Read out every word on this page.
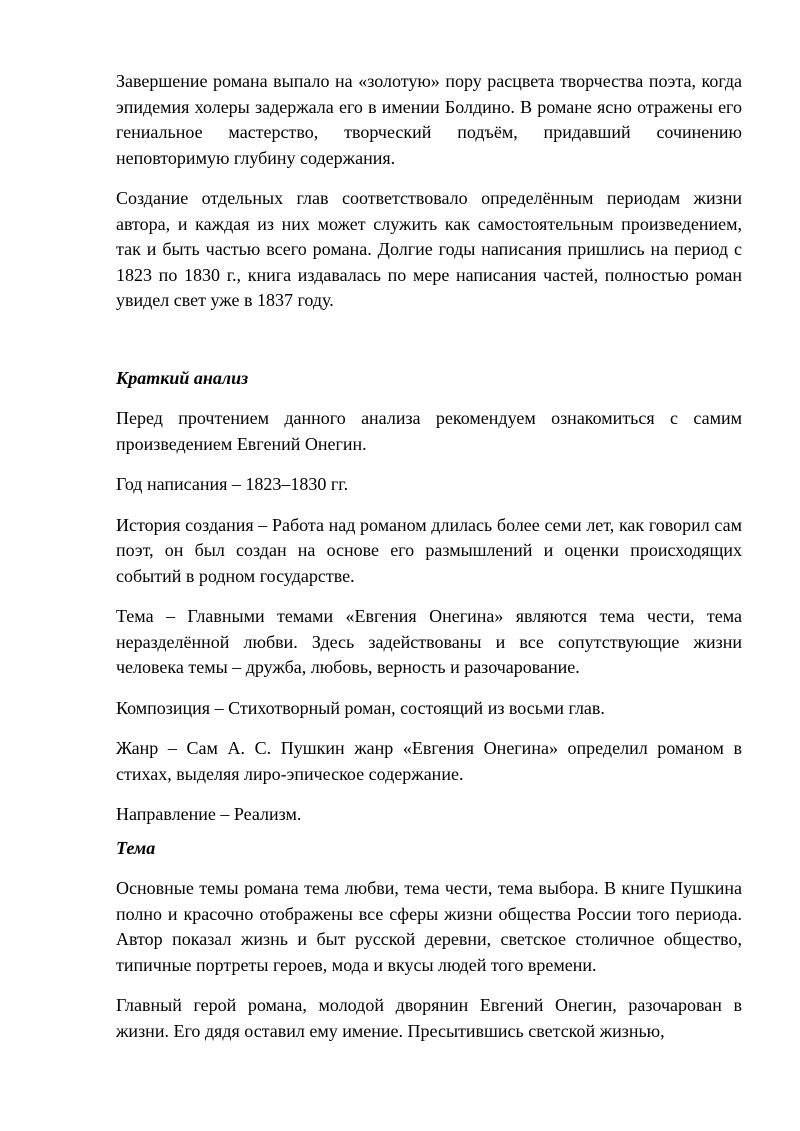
Завершение романа выпало на «золотую» пору расцвета творчества поэта, когда эпидемия холеры задержала его в имении Болдино. В романе ясно отражены его гениальное мастерство, творческий подъём, придавший сочинению неповторимую глубину содержания.

Создание отдельных глав соответствовало определённым периодам жизни автора, и каждая из них может служить как самостоятельным произведением, так и быть частью всего романа. Долгие годы написания пришлись на период с 1823 по 1830 г., книга издавалась по мере написания частей, полностью роман увидел свет уже в 1837 году.

Краткий анализ

Перед прочтением данного анализа рекомендуем ознакомиться с самим произведением Евгений Онегин.

Год написания – 1823–1830 гг.

История создания – Работа над романом длилась более семи лет, как говорил сам поэт, он был создан на основе его размышлений и оценки происходящих событий в родном государстве.

Тема – Главными темами «Евгения Онегина» являются тема чести, тема неразделённой любви. Здесь задействованы и все сопутствующие жизни человека темы – дружба, любовь, верность и разочарование.

Композиция – Стихотворный роман, состоящий из восьми глав.

Жанр – Сам А. С. Пушкин жанр «Евгения Онегина» определил романом в стихах, выделяя лиро-эпическое содержание.

Направление – Реализм.

Тема

Основные темы романа тема любви, тема чести, тема выбора. В книге Пушкина полно и красочно отображены все сферы жизни общества России того периода. Автор показал жизнь и быт русской деревни, светское столичное общество, типичные портреты героев, мода и вкусы людей того времени.

Главный герой романа, молодой дворянин Евгений Онегин, разочарован в жизни. Его дядя оставил ему имение. Пресытившись светской жизнью,
